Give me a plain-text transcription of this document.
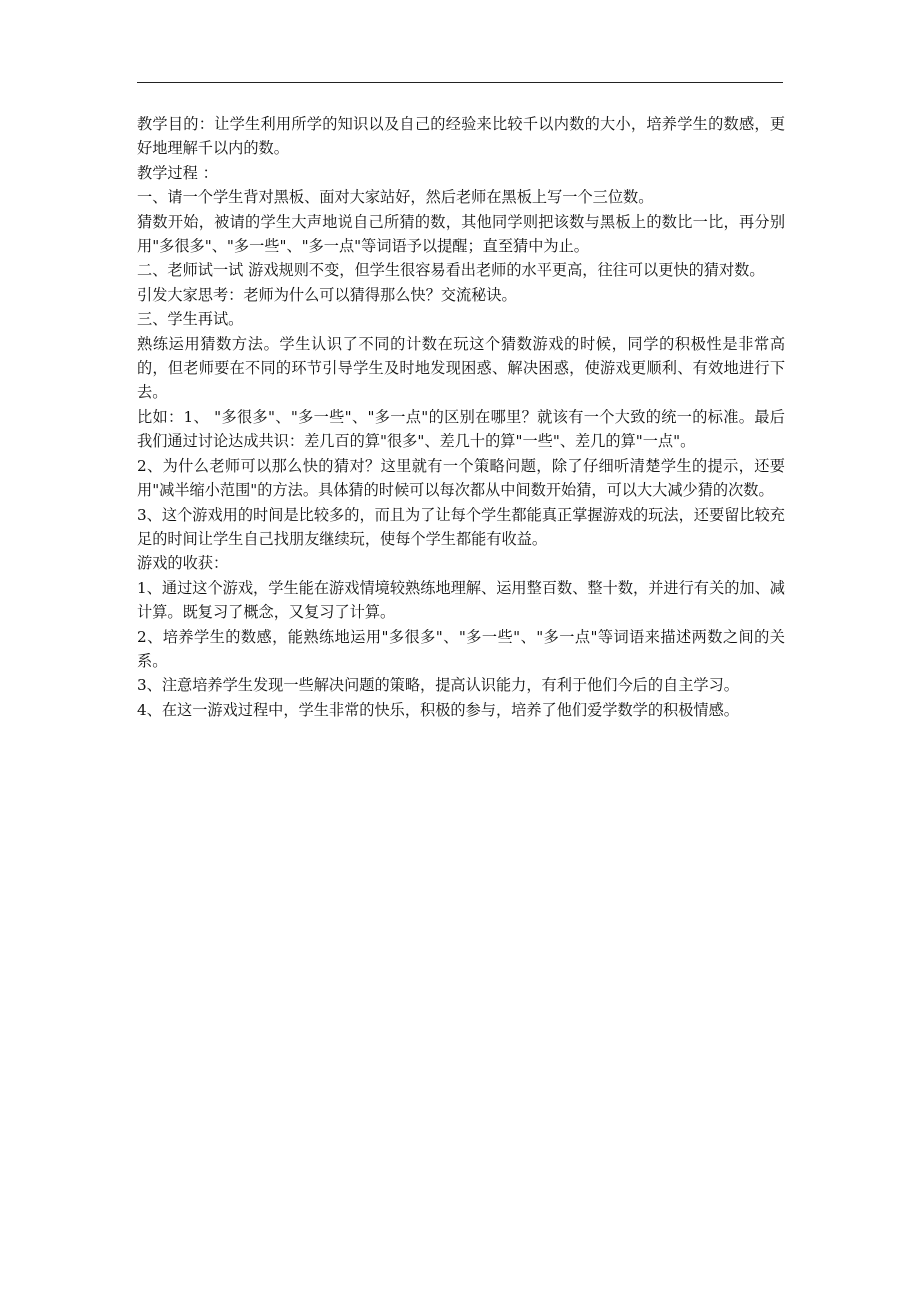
教学目的：让学生利用所学的知识以及自己的经验来比较千以内数的大小，培养学生的数感，更好地理解千以内的数。

教学过程 ：

一、请一个学生背对黑板、面对大家站好，然后老师在黑板上写一个三位数。

猜数开始，被请的学生大声地说自己所猜的数，其他同学则把该数与黑板上的数比一比，再分别用"多很多"、"多一些"、"多一点"等词语予以提醒；直至猜中为止。

二、老师试一试 游戏规则不变，但学生很容易看出老师的水平更高，往往可以更快的猜对数。

引发大家思考：老师为什么可以猜得那么快？交流秘诀。

三、学生再试。

熟练运用猜数方法。学生认识了不同的计数在玩这个猜数游戏的时候，同学的积极性是非常高的，但老师要在不同的环节引导学生及时地发现困惑、解决困惑，使游戏更顺利、有效地进行下去。

比如：1、 "多很多"、"多一些"、"多一点"的区别在哪里？就该有一个大致的统一的标准。最后我们通过讨论达成共识：差几百的算"很多"、差几十的算"一些"、差几的算"一点"。

2、为什么老师可以那么快的猜对？这里就有一个策略问题，除了仔细听清楚学生的提示，还要用"减半缩小范围"的方法。具体猜的时候可以每次都从中间数开始猜，可以大大减少猜的次数。

3、这个游戏用的时间是比较多的，而且为了让每个学生都能真正掌握游戏的玩法，还要留比较充足的时间让学生自己找朋友继续玩，使每个学生都能有收益。

游戏的收获：

1、通过这个游戏，学生能在游戏情境较熟练地理解、运用整百数、整十数，并进行有关的加、减计算。既复习了概念，又复习了计算。

2、培养学生的数感，能熟练地运用"多很多"、"多一些"、"多一点"等词语来描述两数之间的关系。

3、注意培养学生发现一些解决问题的策略，提高认识能力，有利于他们今后的自主学习。

4、在这一游戏过程中，学生非常的快乐，积极的参与，培养了他们爱学数学的积极情感。
